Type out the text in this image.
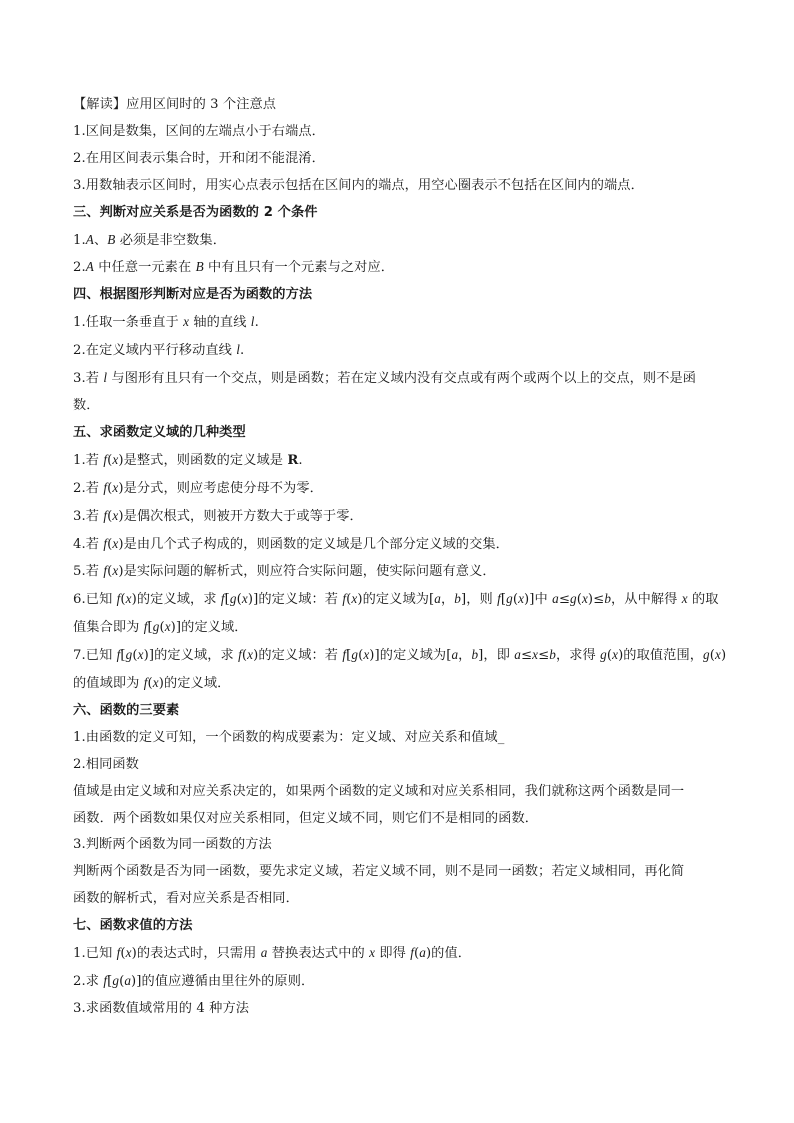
【解读】应用区间时的 3 个注意点
1.区间是数集，区间的左端点小于右端点．
2.在用区间表示集合时，开和闭不能混淆．
3.用数轴表示区间时，用实心点表示包括在区间内的端点，用空心圈表示不包括在区间内的端点．
三、判断对应关系是否为函数的 2 个条件
1.A、B 必须是非空数集．
2.A 中任意一元素在 B 中有且只有一个元素与之对应．
四、根据图形判断对应是否为函数的方法
1.任取一条垂直于 x 轴的直线 l.
2.在定义域内平行移动直线 l.
3.若 l 与图形有且只有一个交点，则是函数；若在定义域内没有交点或有两个或两个以上的交点，则不是函
数．
五、求函数定义域的几种类型
1.若 f(x)是整式，则函数的定义域是 R.
2.若 f(x)是分式，则应考虑使分母不为零．
3.若 f(x)是偶次根式，则被开方数大于或等于零．
4.若 f(x)是由几个式子构成的，则函数的定义域是几个部分定义域的交集．
5.若 f(x)是实际问题的解析式，则应符合实际问题，使实际问题有意义．
6.已知 f(x)的定义域，求 f[g(x)]的定义域：若 f(x)的定义域为[a，b]，则 f[g(x)]中 a≤g(x)≤b，从中解得 x 的取
值集合即为 f[g(x)]的定义域．
7.已知 f[g(x)]的定义域，求 f(x)的定义域：若 f[g(x)]的定义域为[a，b]，即 a≤x≤b，求得 g(x)的取值范围，g(x)
的值域即为 f(x)的定义域．
六、函数的三要素
1.由函数的定义可知，一个函数的构成要素为：定义域、对应关系和值域_
2.相同函数
值域是由定义域和对应关系决定的，如果两个函数的定义域和对应关系相同，我们就称这两个函数是同一
函数．两个函数如果仅对应关系相同，但定义域不同，则它们不是相同的函数．
3.判断两个函数为同一函数的方法
判断两个函数是否为同一函数，要先求定义域，若定义域不同，则不是同一函数；若定义域相同，再化简
函数的解析式，看对应关系是否相同．
七、函数求值的方法
1.已知 f(x)的表达式时，只需用 a 替换表达式中的 x 即得 f(a)的值．
2.求 f[g(a)]的值应遵循由里往外的原则．
3.求函数值域常用的 4 种方法
